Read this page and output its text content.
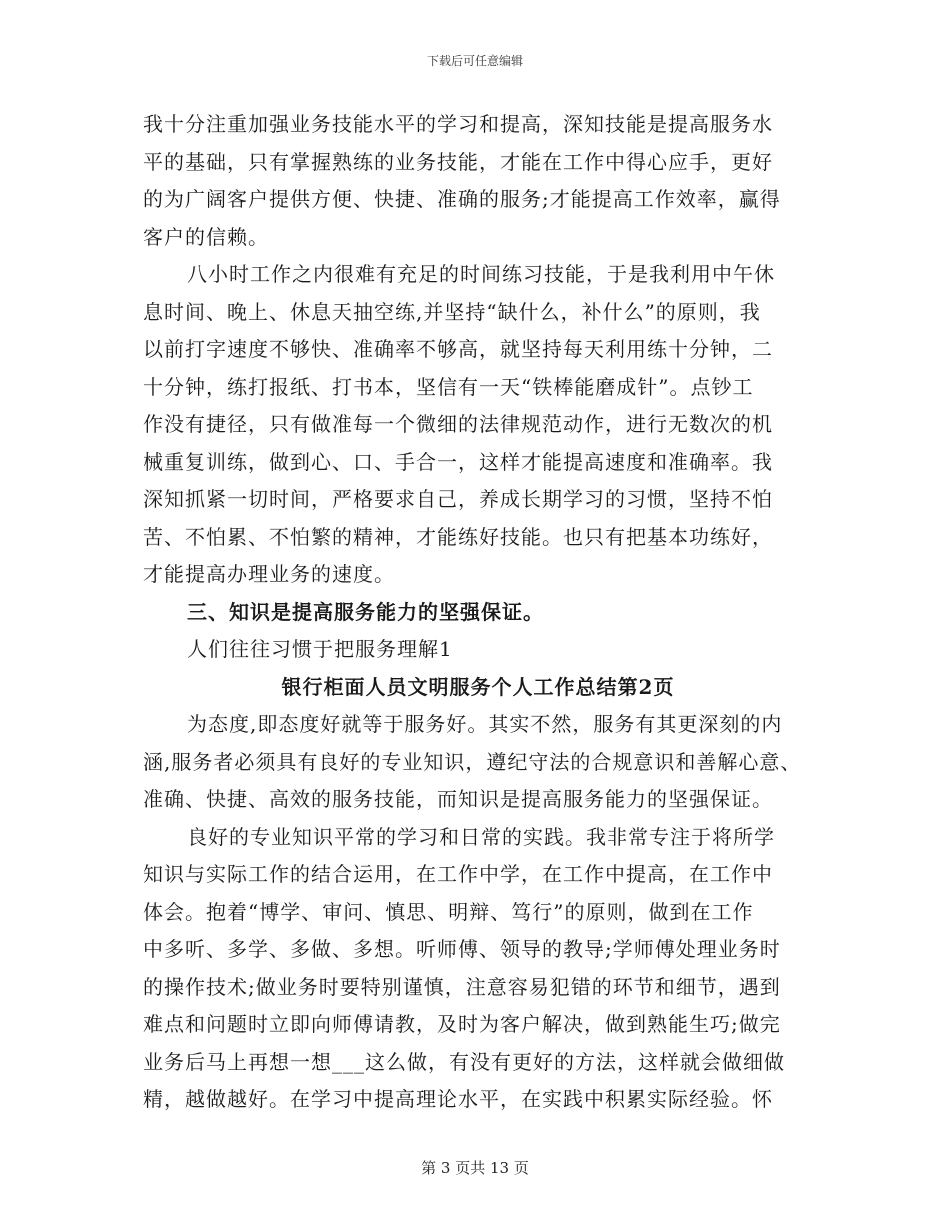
下载后可任意编辑
我十分注重加强业务技能水平的学习和提高，深知技能是提高服务水
平的基础，只有掌握熟练的业务技能，才能在工作中得心应手，更好
的为广阔客户提供方便、快捷、准确的服务;才能提高工作效率，赢得
客户的信赖。
八小时工作之内很难有充足的时间练习技能，于是我利用中午休
息时间、晚上、休息天抽空练,并坚持“缺什么，补什么”的原则，我
以前打字速度不够快、准确率不够高，就坚持每天利用练十分钟，二
十分钟，练打报纸、打书本，坚信有一天“铁棒能磨成针”。点钞工
作没有捷径，只有做准每一个微细的法律规范动作，进行无数次的机
械重复训练，做到心、口、手合一，这样才能提高速度和准确率。我
深知抓紧一切时间，严格要求自己，养成长期学习的习惯，坚持不怕
苦、不怕累、不怕繁的精神，才能练好技能。也只有把基本功练好，
才能提高办理业务的速度。
三、知识是提高服务能力的坚强保证。
人们往往习惯于把服务理解1
银行柜面人员文明服务个人工作总结第2页
为态度,即态度好就等于服务好。其实不然，服务有其更深刻的内
涵,服务者必须具有良好的专业知识，遵纪守法的合规意识和善解心意、
准确、快捷、高效的服务技能，而知识是提高服务能力的坚强保证。
良好的专业知识平常的学习和日常的实践。我非常专注于将所学
知识与实际工作的结合运用，在工作中学，在工作中提高，在工作中
体会。抱着“博学、审问、慎思、明辩、笃行”的原则，做到在工作
中多听、多学、多做、多想。听师傅、领导的教导;学师傅处理业务时
的操作技术;做业务时要特别谨慎，注意容易犯错的环节和细节，遇到
难点和问题时立即向师傅请教，及时为客户解决，做到熟能生巧;做完
业务后马上再想一想___这么做，有没有更好的方法，这样就会做细做
精，越做越好。在学习中提高理论水平，在实践中积累实际经验。怀
第 3 页共 13 页
